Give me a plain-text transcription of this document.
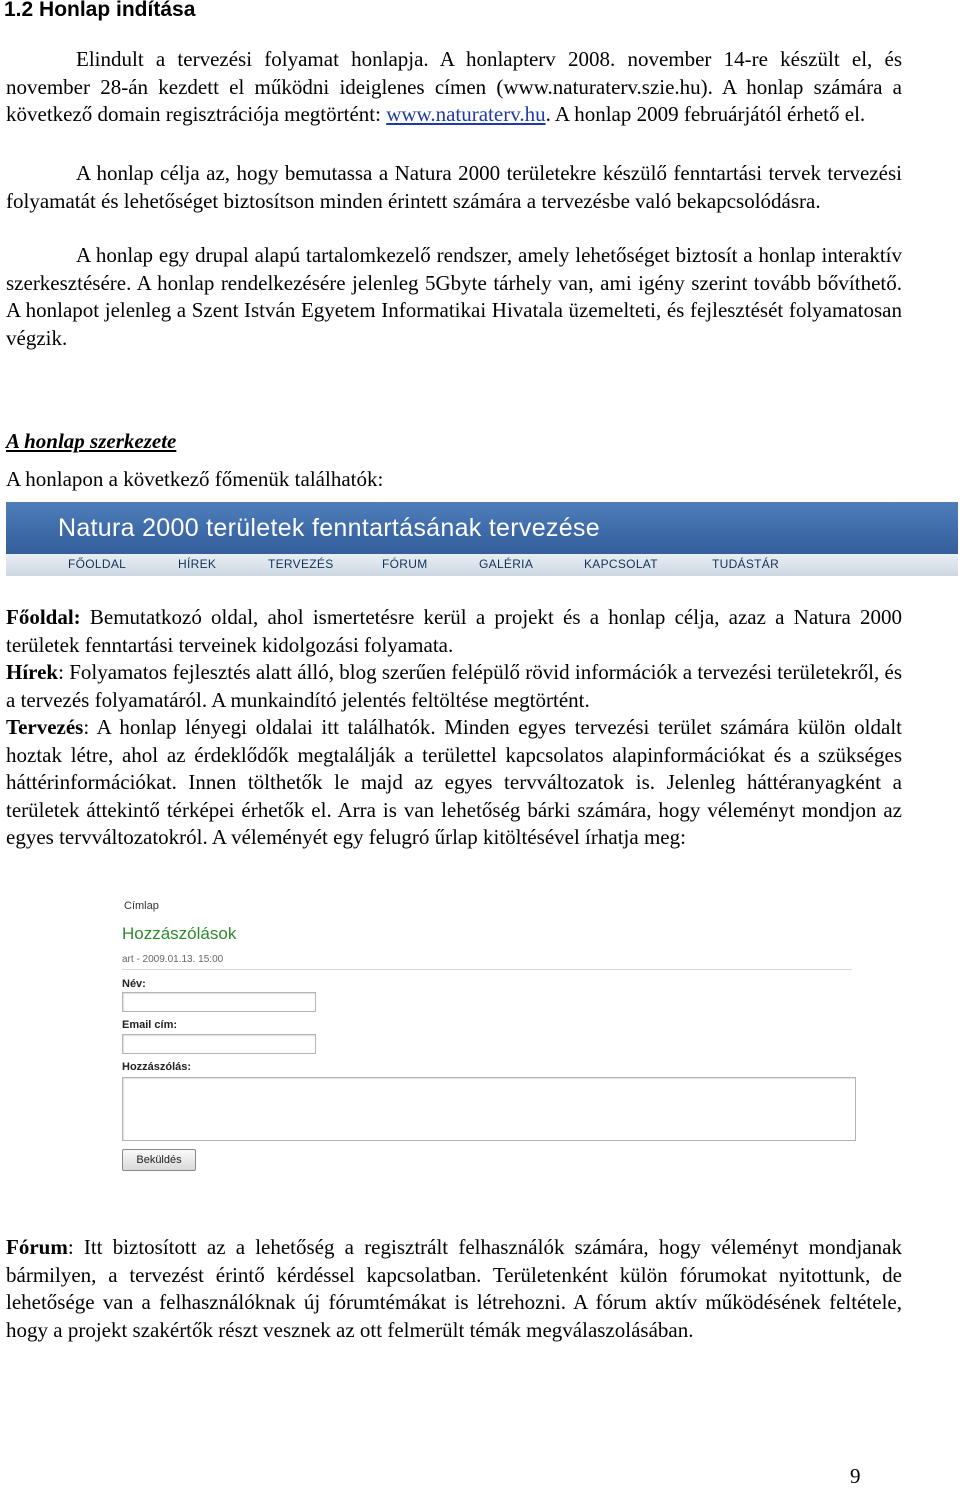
1.2 Honlap indítása

Elindult a tervezési folyamat honlapja. A honlapterv 2008. november 14-re készült el, és november 28-án kezdett el működni ideiglenes címen (www.naturaterv.szie.hu). A honlap számára a következő domain regisztrációja megtörtént: www.naturaterv.hu. A honlap 2009 februárjától érhető el.

A honlap célja az, hogy bemutassa a Natura 2000 területekre készülő fenntartási tervek tervezési folyamatát és lehetőséget biztosítson minden érintett számára a tervezésbe való bekapcsolódásra.

A honlap egy drupal alapú tartalomkezelő rendszer, amely lehetőséget biztosít a honlap interaktív szerkesztésére. A honlap rendelkezésére jelenleg 5Gbyte tárhely van, ami igény szerint tovább bővíthető. A honlapot jelenleg a Szent István Egyetem Informatikai Hivatala üzemelteti, és fejlesztését folyamatosan végzik.

A honlap szerkezete

A honlapon a következő főmenük találhatók:

Natura 2000 területek fenntartásának tervezése
FŐOLDAL	HÍREK	TERVEZÉS	FÓRUM	GALÉRIA	KAPCSOLAT	TUDÁSTÁR

Főoldal: Bemutatkozó oldal, ahol ismertetésre kerül a projekt és a honlap célja, azaz a Natura 2000 területek fenntartási terveinek kidolgozási folyamata.

Hírek: Folyamatos fejlesztés alatt álló, blog szerűen felépülő rövid információk a tervezési területekről, és a tervezés folyamatáról. A munkaindító jelentés feltöltése megtörtént.

Tervezés: A honlap lényegi oldalai itt találhatók. Minden egyes tervezési terület számára külön oldalt hoztak létre, ahol az érdeklődők megtalálják a területtel kapcsolatos alapinformációkat és a szükséges háttérinformációkat. Innen tölthetők le majd az egyes tervváltozatok is. Jelenleg háttéranyagként a területek áttekintő térképei érhetők el. Arra is van lehetőség bárki számára, hogy véleményt mondjon az egyes tervváltozatokról. A véleményét egy felugró űrlap kitöltésével írhatja meg:

Címlap
Hozzászólások
art - 2009.01.13. 15:00
Név:
Email cím:
Hozzászólás:
Beküldés

Fórum: Itt biztosított az a lehetőség a regisztrált felhasználók számára, hogy véleményt mondjanak bármilyen, a tervezést érintő kérdéssel kapcsolatban. Területenként külön fórumokat nyitottunk, de lehetősége van a felhasználóknak új fórumtémákat is létrehozni. A fórum aktív működésének feltétele, hogy a projekt szakértők részt vesznek az ott felmerült témák megválaszolásában.

9
